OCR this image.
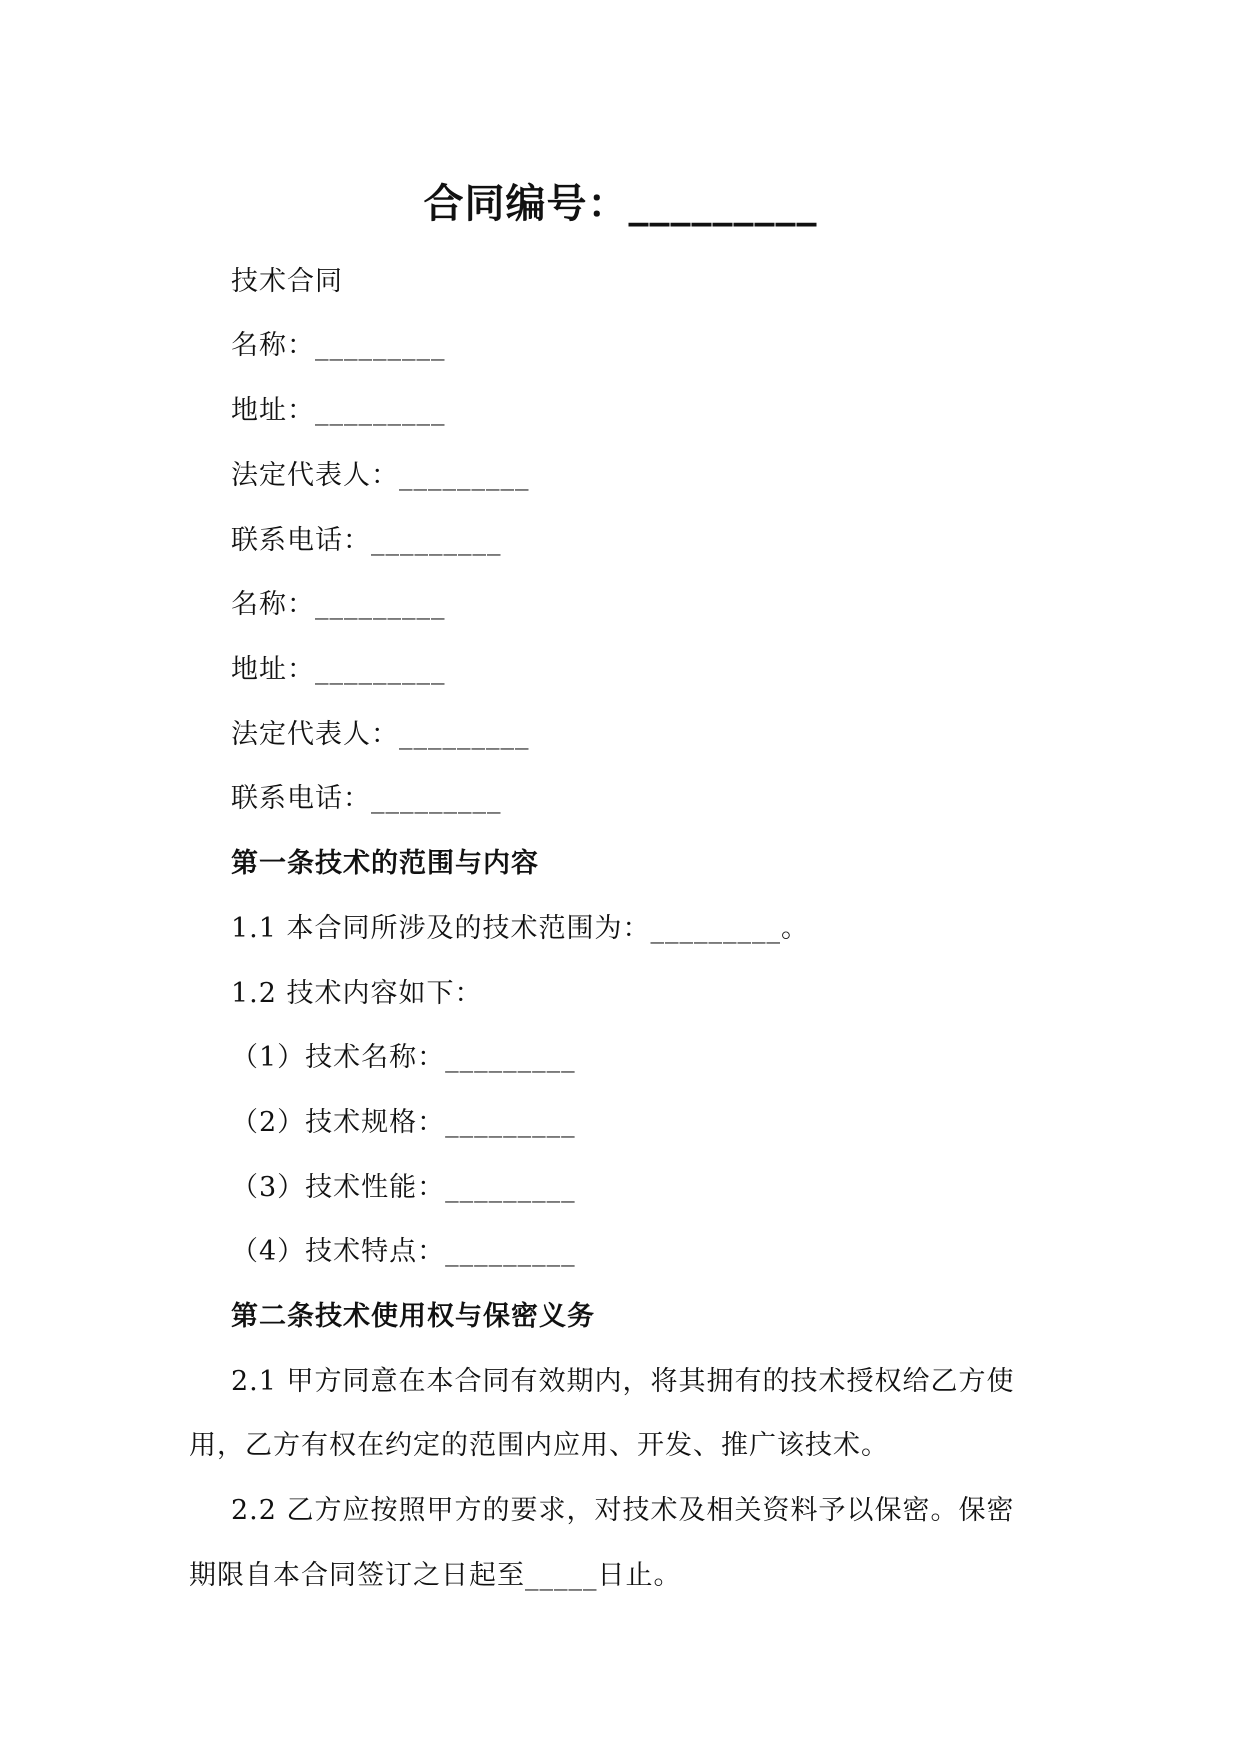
合同编号：_________
技术合同
名称：_________
地址：_________
法定代表人：_________
联系电话：_________
名称：_________
地址：_________
法定代表人：_________
联系电话：_________
第一条技术的范围与内容
1.1 本合同所涉及的技术范围为：_________。
1.2 技术内容如下：
（1）技术名称：_________
（2）技术规格：_________
（3）技术性能：_________
（4）技术特点：_________
第二条技术使用权与保密义务
2.1 甲方同意在本合同有效期内，将其拥有的技术授权给乙方使
用，乙方有权在约定的范围内应用、开发、推广该技术。
2.2 乙方应按照甲方的要求，对技术及相关资料予以保密。保密
期限自本合同签订之日起至_____日止。
